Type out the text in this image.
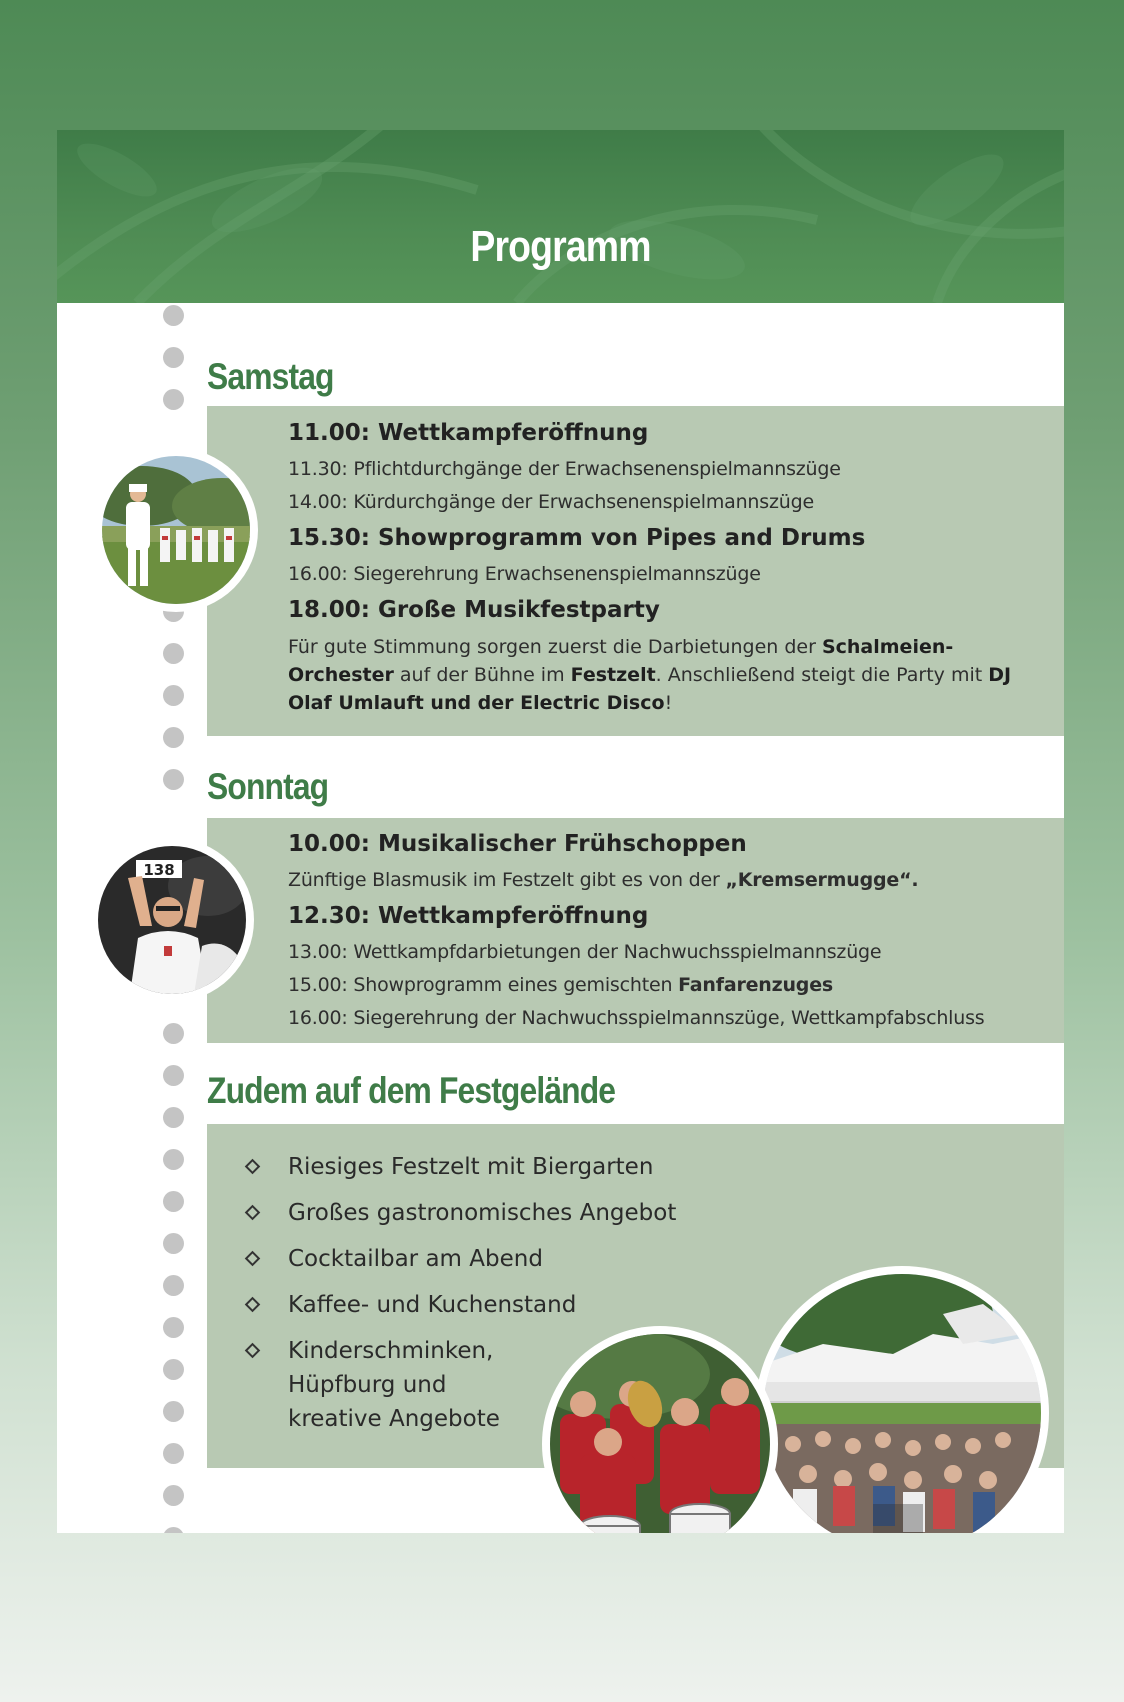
Programm
Samstag
11.00: Wettkampferöffnung
11.30: Pflichtdurchgänge der Erwachsenenspielmannszüge
14.00: Kürdurchgänge der Erwachsenenspielmannszüge
15.30: Showprogramm von Pipes and Drums
16.00: Siegerehrung Erwachsenenspielmannszüge
18.00: Große Musikfestparty
Für gute Stimmung sorgen zuerst die Darbietungen der Schalmeien- Orchester auf der Bühne im Festzelt. Anschließend steigt die Party mit DJ Olaf Umlauft und der Electric Disco!
Sonntag
10.00: Musikalischer Frühschoppen
Zünftige Blasmusik im Festzelt gibt es von der „Kremsermugge“.
12.30: Wettkampferöffnung
13.00: Wettkampfdarbietungen der Nachwuchsspielmannszüge
15.00: Showprogramm eines gemischten Fanfarenzuges
16.00: Siegerehrung der Nachwuchsspielmannszüge, Wettkampfabschluss
138
Zudem auf dem Festgelände
Riesiges Festzelt mit Biergarten
Großes gastronomisches Angebot
Cocktailbar am Abend
Kaffee- und Kuchenstand
Kinderschminken,
Hüpfburg und
kreative Angebote
